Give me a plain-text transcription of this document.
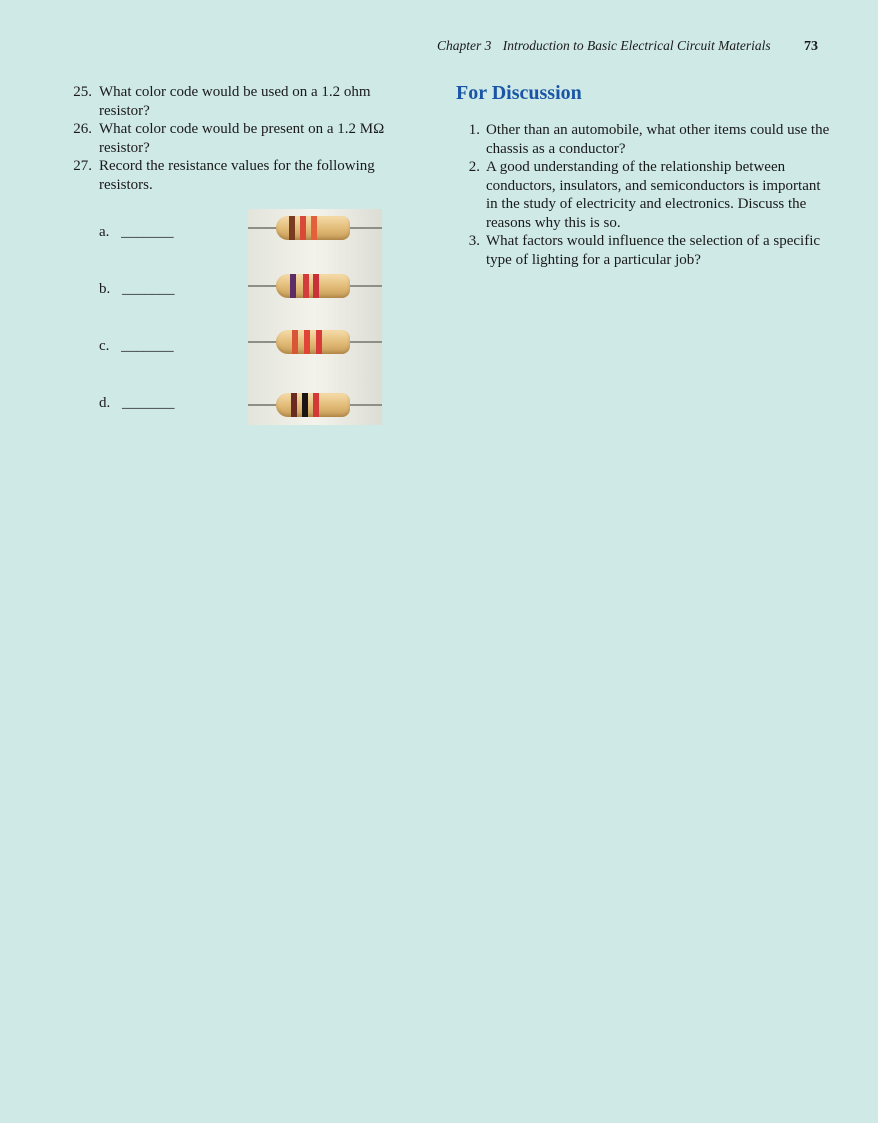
Chapter 3 Introduction to Basic Electrical Circuit Materials 73
25. What color code would be used on a 1.2 ohm resistor?
26. What color code would be present on a 1.2 MΩ resistor?
27. Record the resistance values for the following resistors.
a. _______
b. _______
c. _______
d. _______
For Discussion
1. Other than an automobile, what other items could use the chassis as a conductor?
2. A good understanding of the relationship between conductors, insulators, and semiconductors is important in the study of electricity and electronics. Discuss the reasons why this is so.
3. What factors would influence the selection of a specific type of lighting for a particular job?
